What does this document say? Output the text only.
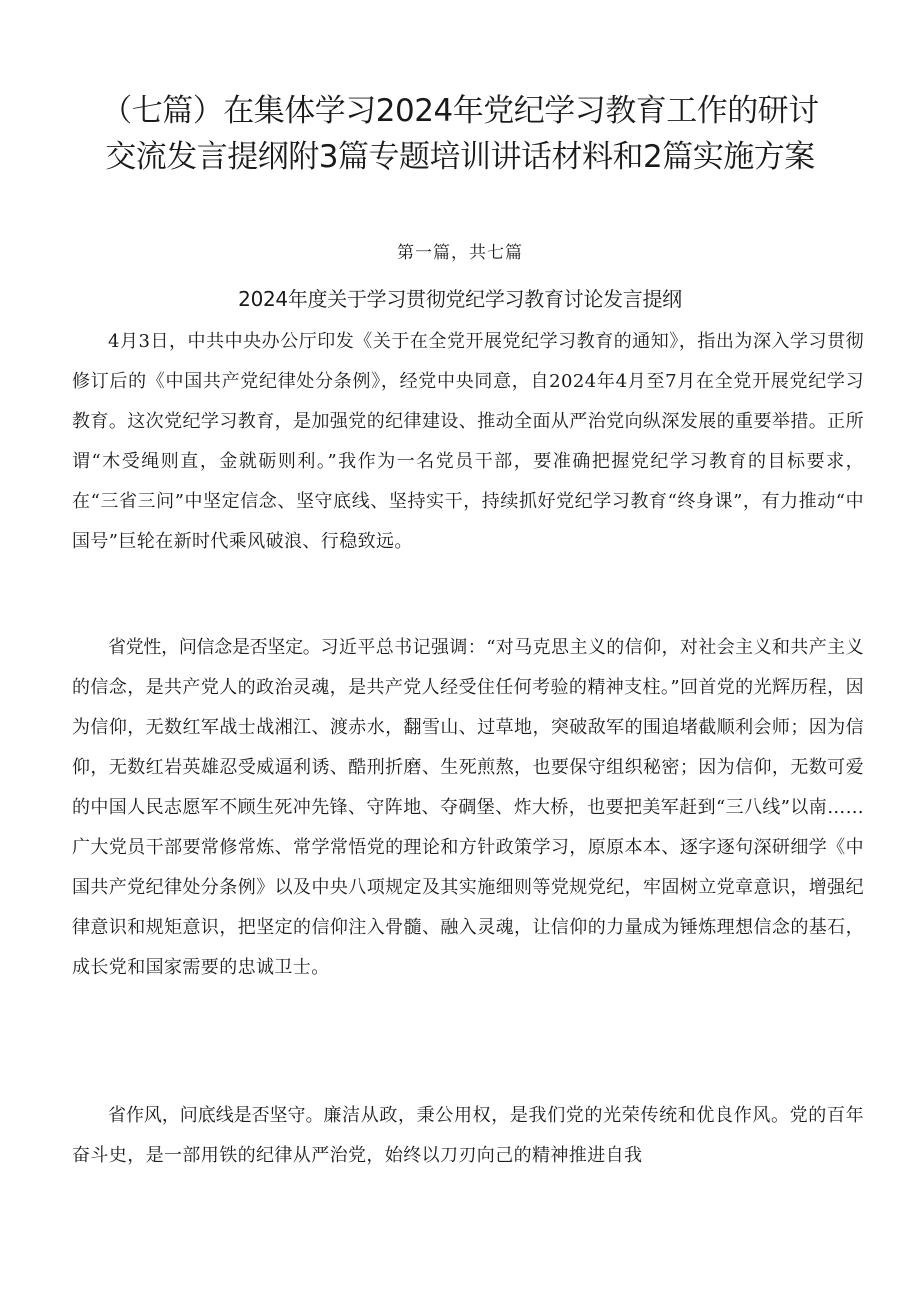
（七篇）在集体学习2024年党纪学习教育工作的研讨
交流发言提纲附3篇专题培训讲话材料和2篇实施方案
第一篇，共七篇
2024年度关于学习贯彻党纪学习教育讨论发言提纲

4月3日，中共中央办公厅印发《关于在全党开展党纪学习教育的通知》，指出为深入学习贯彻修订后的《中国共产党纪律处分条例》，经党中央同意，自2024年4月至7月在全党开展党纪学习教育。这次党纪学习教育，是加强党的纪律建设、推动全面从严治党向纵深发展的重要举措。正所谓“木受绳则直，金就砺则利。”我作为一名党员干部，要准确把握党纪学习教育的目标要求，在“三省三问”中坚定信念、坚守底线、坚持实干，持续抓好党纪学习教育“终身课”，有力推动“中国号”巨轮在新时代乘风破浪、行稳致远。

省党性，问信念是否坚定。习近平总书记强调：“对马克思主义的信仰，对社会主义和共产主义的信念，是共产党人的政治灵魂，是共产党人经受住任何考验的精神支柱。”回首党的光辉历程，因为信仰，无数红军战士战湘江、渡赤水，翻雪山、过草地，突破敌军的围追堵截顺利会师；因为信仰，无数红岩英雄忍受威逼利诱、酷刑折磨、生死煎熬，也要保守组织秘密；因为信仰，无数可爱的中国人民志愿军不顾生死冲先锋、守阵地、夺碉堡、炸大桥，也要把美军赶到“三八线”以南……广大党员干部要常修常炼、常学常悟党的理论和方针政策学习，原原本本、逐字逐句深研细学《中国共产党纪律处分条例》以及中央八项规定及其实施细则等党规党纪，牢固树立党章意识，增强纪律意识和规矩意识，把坚定的信仰注入骨髓、融入灵魂，让信仰的力量成为锤炼理想信念的基石，成长党和国家需要的忠诚卫士。

省作风，问底线是否坚守。廉洁从政，秉公用权，是我们党的光荣传统和优良作风。党的百年奋斗史，是一部用铁的纪律从严治党，始终以刀刃向己的精神推进自我
